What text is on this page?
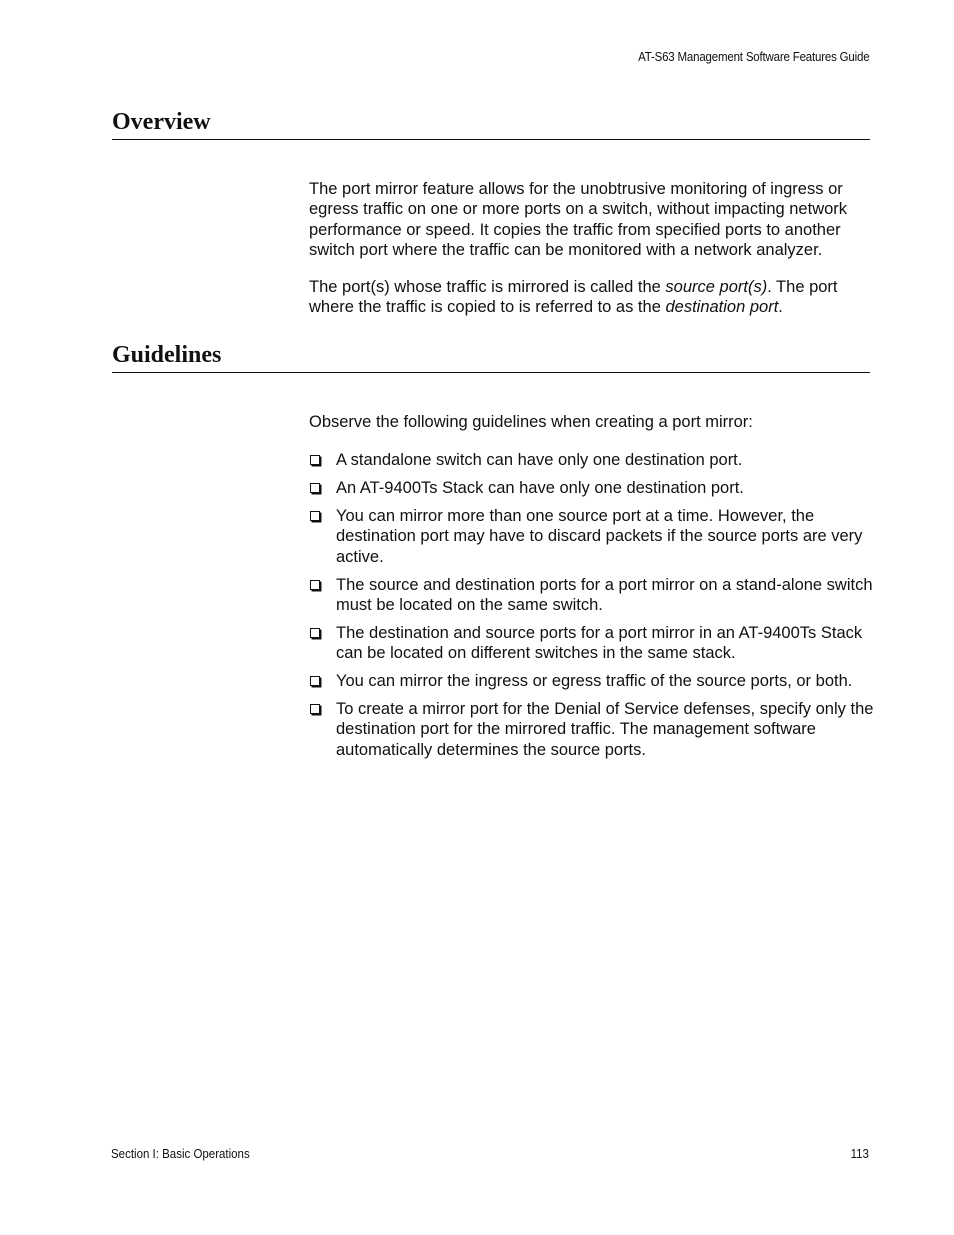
AT-S63 Management Software Features Guide
Overview

The port mirror feature allows for the unobtrusive monitoring of ingress or egress traffic on one or more ports on a switch, without impacting network performance or speed. It copies the traffic from specified ports to another switch port where the traffic can be monitored with a network analyzer.

The port(s) whose traffic is mirrored is called the source port(s). The port where the traffic is copied to is referred to as the destination port.

Guidelines

Observe the following guidelines when creating a port mirror:

A standalone switch can have only one destination port.
An AT-9400Ts Stack can have only one destination port.
You can mirror more than one source port at a time. However, the destination port may have to discard packets if the source ports are very active.
The source and destination ports for a port mirror on a stand-alone switch must be located on the same switch.
The destination and source ports for a port mirror in an AT-9400Ts Stack can be located on different switches in the same stack.
You can mirror the ingress or egress traffic of the source ports, or both.
To create a mirror port for the Denial of Service defenses, specify only the destination port for the mirrored traffic. The management software automatically determines the source ports.
Section I: Basic Operations	113
